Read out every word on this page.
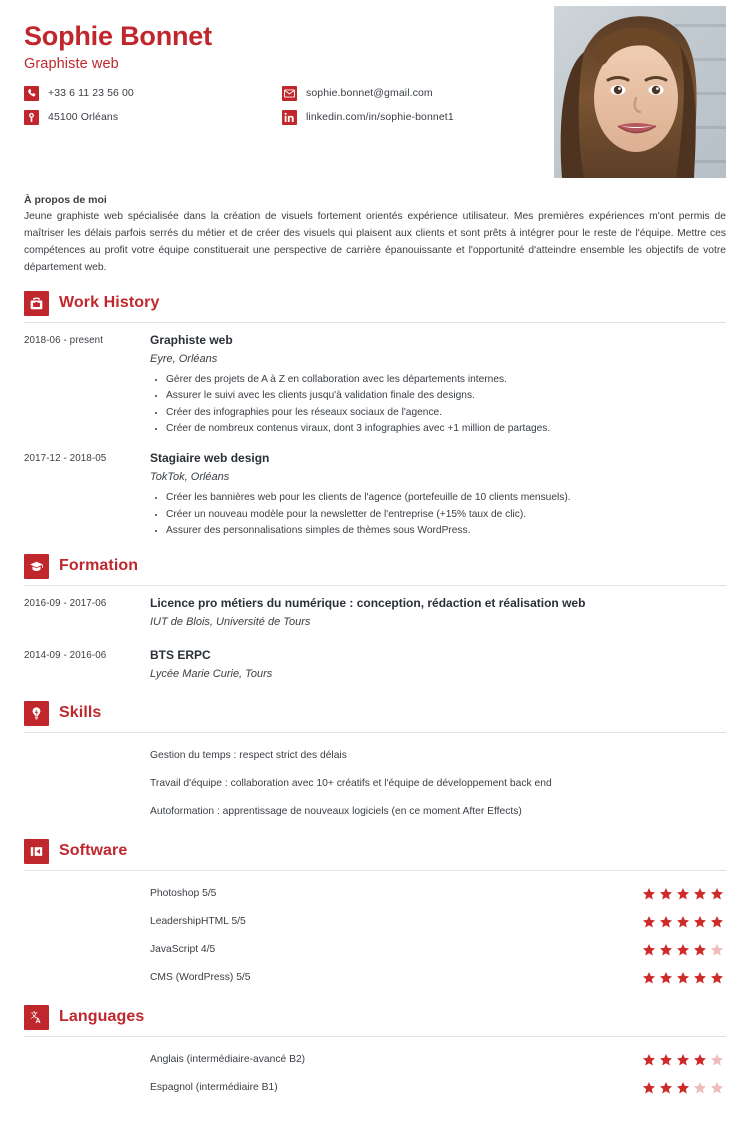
Sophie Bonnet
Graphiste web
+33 6 11 23 56 00	sophie.bonnet@gmail.com
45100 Orléans	linkedin.com/in/sophie-bonnet1
À propos de moi
Jeune graphiste web spécialisée dans la création de visuels fortement orientés expérience utilisateur. Mes premières expériences m'ont permis de maîtriser les délais parfois serrés du métier et de créer des visuels qui plaisent aux clients et sont prêts à intégrer pour le reste de l'équipe. Mettre ces compétences au profit votre équipe constituerait une perspective de carrière épanouissante et l'opportunité d'atteindre ensemble les objectifs de votre département web.
Work History
2018-06 - present	Graphiste web
Eyre, Orléans
• Gérer des projets de A à Z en collaboration avec les départements internes.
• Assurer le suivi avec les clients jusqu'à validation finale des designs.
• Créer des infographies pour les réseaux sociaux de l'agence.
• Créer de nombreux contenus viraux, dont 3 infographies avec +1 million de partages.
2017-12 - 2018-05	Stagiaire web design
TokTok, Orléans
• Créer les bannières web pour les clients de l'agence (portefeuille de 10 clients mensuels).
• Créer un nouveau modèle pour la newsletter de l'entreprise (+15% taux de clic).
• Assurer des personnalisations simples de thèmes sous WordPress.
Formation
2016-09 - 2017-06	Licence pro métiers du numérique : conception, rédaction et réalisation web
IUT de Blois, Université de Tours
2014-09 - 2016-06	BTS ERPC
Lycée Marie Curie, Tours
Skills
Gestion du temps : respect strict des délais
Travail d'équipe : collaboration avec 10+ créatifs et l'équipe de développement back end
Autoformation : apprentissage de nouveaux logiciels (en ce moment After Effects)
Software
Photoshop 5/5
LeadershipHTML 5/5
JavaScript 4/5
CMS (WordPress) 5/5
文
A Languages
Anglais (intermédiaire-avancé B2)
Espagnol (intermédiaire B1)
